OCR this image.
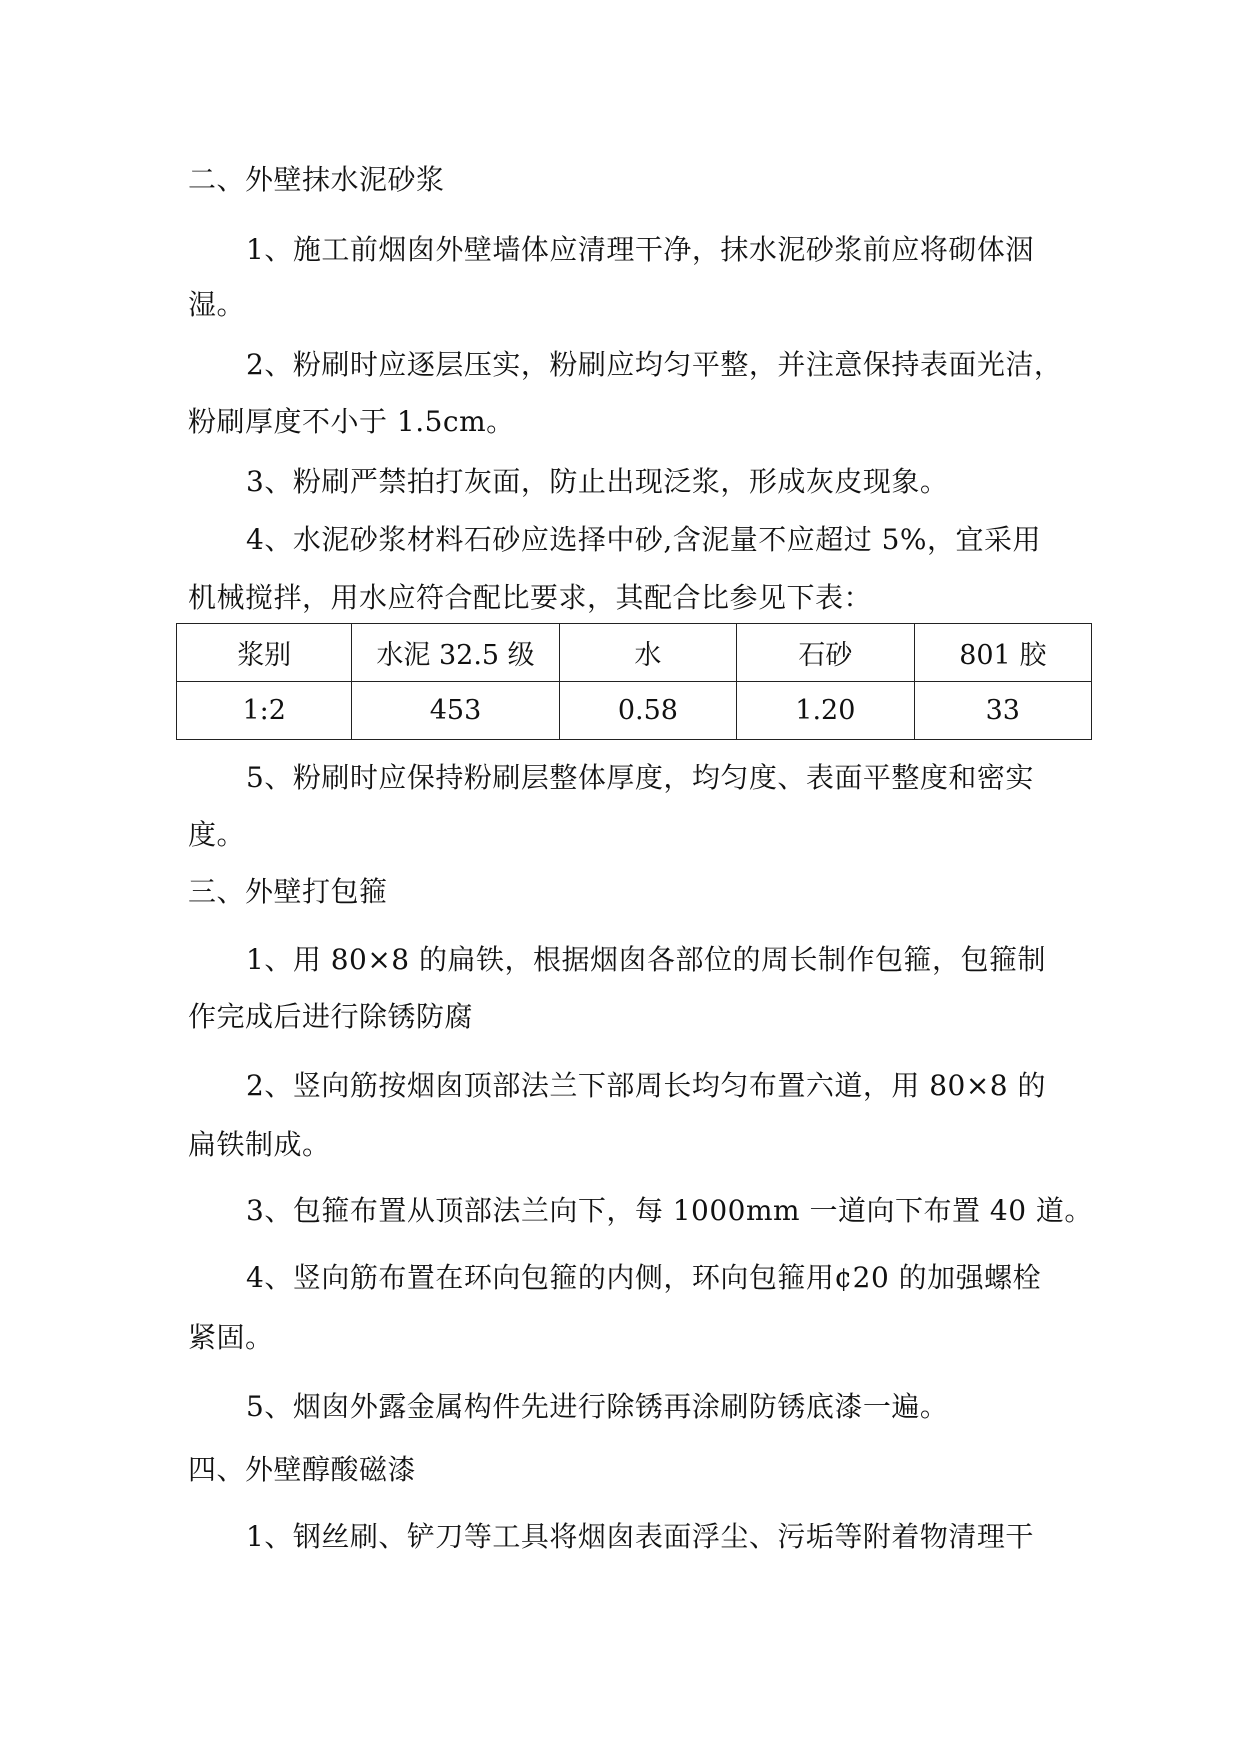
二、外壁抹水泥砂浆
1、施工前烟囱外壁墙体应清理干净，抹水泥砂浆前应将砌体洇
湿。
2、粉刷时应逐层压实，粉刷应均匀平整，并注意保持表面光洁，
粉刷厚度不小于 1.5cm。
3、粉刷严禁拍打灰面，防止出现泛浆，形成灰皮现象。
4、水泥砂浆材料石砂应选择中砂,含泥量不应超过 5%，宜采用
机械搅拌，用水应符合配比要求，其配合比参见下表：
浆别	水泥 32.5 级	水	石砂	801 胶
1:2	453	0.58	1.20	33
5、粉刷时应保持粉刷层整体厚度，均匀度、表面平整度和密实
度。
三、外壁打包箍
1、用 80×8 的扁铁，根据烟囱各部位的周长制作包箍，包箍制
作完成后进行除锈防腐
2、竖向筋按烟囱顶部法兰下部周长均匀布置六道，用 80×8 的
扁铁制成。
3、包箍布置从顶部法兰向下，每 1000mm 一道向下布置 40 道。
4、竖向筋布置在环向包箍的内侧，环向包箍用¢20 的加强螺栓
紧固。
5、烟囱外露金属构件先进行除锈再涂刷防锈底漆一遍。
四、外壁醇酸磁漆
1、钢丝刷、铲刀等工具将烟囱表面浮尘、污垢等附着物清理干
